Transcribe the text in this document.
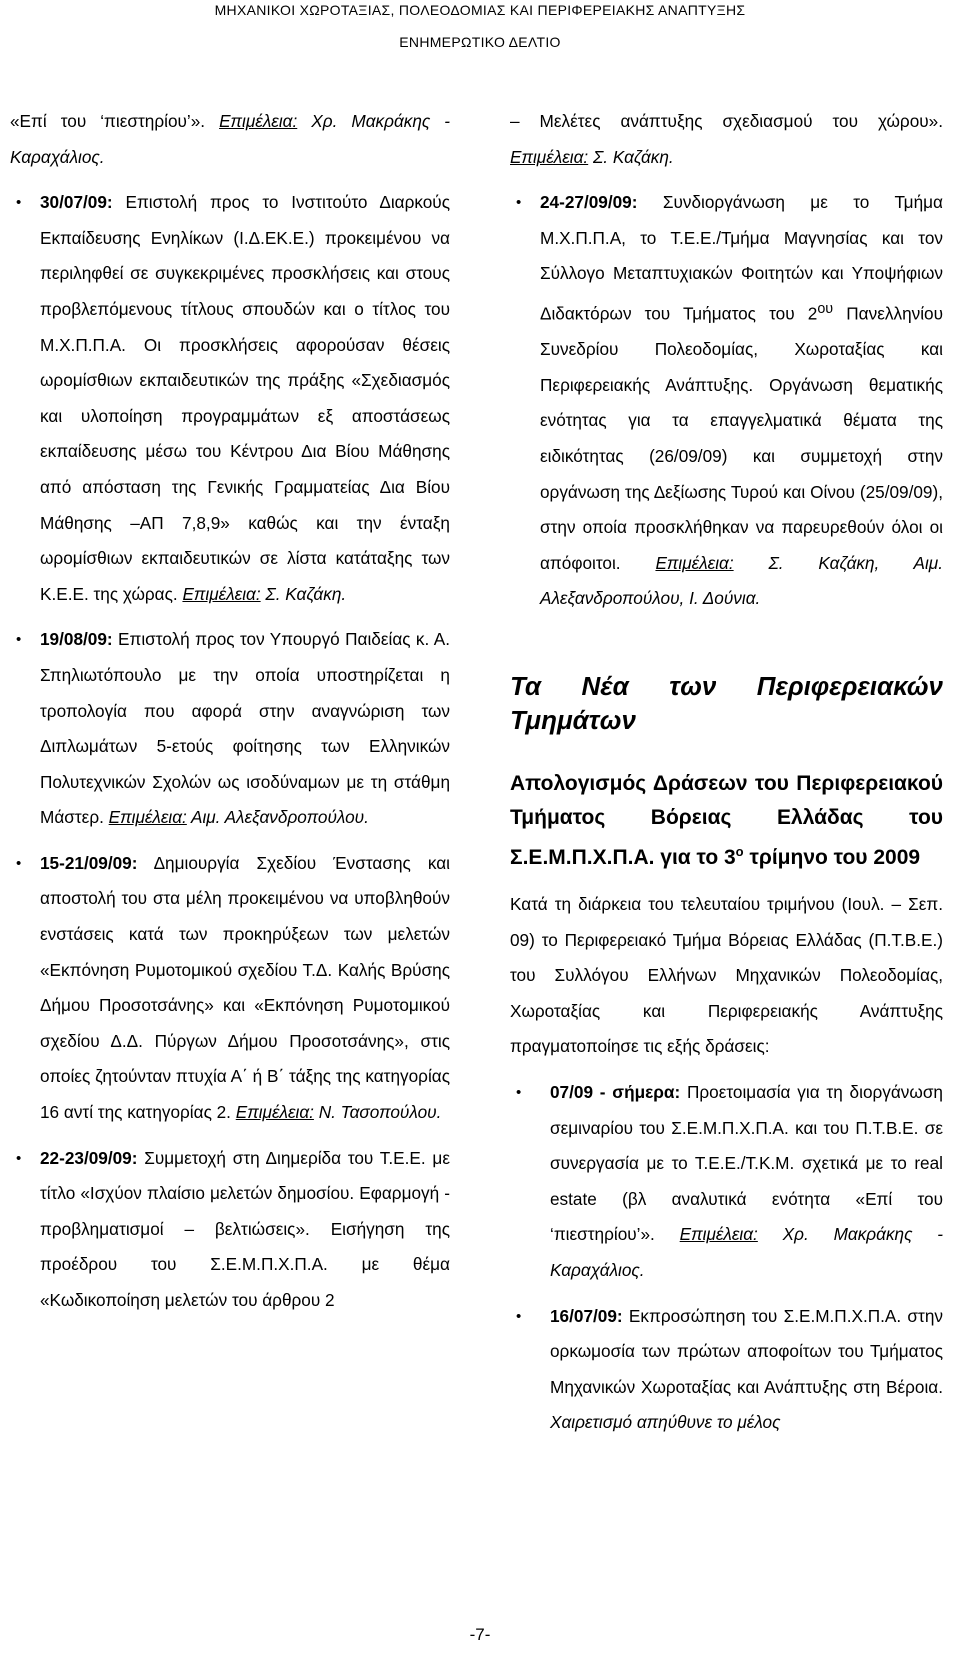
ΜΗΧΑΝΙΚΟΙ ΧΩΡΟΤΑΞΙΑΣ, ΠΟΛΕΟΔΟΜΙΑΣ ΚΑΙ ΠΕΡΙΦΕΡΕΙΑΚΗΣ ΑΝΑΠΤΥΞΗΣ
ΕΝΗΜΕΡΩΤΙΚΟ ΔΕΛΤΙΟ

«Επί του ‘πιεστηρίου’». Επιμέλεια: Χρ. Μακράκης - Καραχάλιος.

• 30/07/09: Επιστολή προς το Ινστιτούτο Διαρκούς Εκπαίδευσης Ενηλίκων (Ι.Δ.ΕΚ.Ε.) προκειμένου να περιληφθεί σε συγκεκριμένες προσκλήσεις και στους προβλεπόμενους τίτλους σπουδών και ο τίτλος του Μ.Χ.Π.Π.Α. Οι προσκλήσεις αφορούσαν θέσεις ωρομίσθιων εκπαιδευτικών της πράξης «Σχεδιασμός και υλοποίηση προγραμμάτων εξ αποστάσεως εκπαίδευσης μέσω του Κέντρου Δια Βίου Μάθησης από απόσταση της Γενικής Γραμματείας Δια Βίου Μάθησης –ΑΠ 7,8,9» καθώς και την ένταξη ωρομίσθιων εκπαιδευτικών σε λίστα κατάταξης των Κ.Ε.Ε. της χώρας. Επιμέλεια: Σ. Καζάκη.
• 19/08/09: Επιστολή προς τον Υπουργό Παιδείας κ. Α. Σπηλιωτόπουλο με την οποία υποστηρίζεται η τροπολογία που αφορά στην αναγνώριση των Διπλωμάτων 5-ετούς φοίτησης των Ελληνικών Πολυτεχνικών Σχολών ως ισοδύναμων με τη στάθμη Μάστερ. Επιμέλεια: Αιμ. Αλεξανδροπούλου.
• 15-21/09/09: Δημιουργία Σχεδίου Ένστασης και αποστολή του στα μέλη προκειμένου να υποβληθούν ενστάσεις κατά των προκηρύξεων των μελετών «Εκπόνηση Ρυμοτομικού σχεδίου Τ.Δ. Καλής Βρύσης Δήμου Προσοτσάνης» και «Εκπόνηση Ρυμοτομικού σχεδίου Δ.Δ. Πύργων Δήμου Προσοτσάνης», στις οποίες ζητούνταν πτυχία Α΄ ή Β΄ τάξης της κατηγορίας 16 αντί της κατηγορίας 2. Επιμέλεια: Ν. Τασοπούλου.
• 22-23/09/09: Συμμετοχή στη Διημερίδα του Τ.Ε.Ε. με τίτλο «Ισχύον πλαίσιο μελετών δημοσίου. Εφαρμογή - προβληματισμοί – βελτιώσεις». Εισήγηση της προέδρου του Σ.Ε.Μ.Π.Χ.Π.Α. με θέμα «Κωδικοποίηση μελετών του άρθρου 2

– Μελέτες ανάπτυξης σχεδιασμού του χώρου». Επιμέλεια: Σ. Καζάκη.

• 24-27/09/09: Συνδιοργάνωση με το Τμήμα Μ.Χ.Π.Π.Α, το Τ.Ε.Ε./Τμήμα Μαγνησίας και τον Σύλλογο Μεταπτυχιακών Φοιτητών και Υποψήφιων Διδακτόρων του Τμήματος του $2^{o\upsilon}$ Πανελληνίου Συνεδρίου Πολεοδομίας, Χωροταξίας και Περιφερειακής Ανάπτυξης. Οργάνωση θεματικής ενότητας για τα επαγγελματικά θέματα της ειδικότητας (26/09/09) και συμμετοχή στην οργάνωση της Δεξίωσης Τυρού και Οίνου (25/09/09), στην οποία προσκλήθηκαν να παρευρεθούν όλοι οι απόφοιτοι. Επιμέλεια: Σ. Καζάκη, Αιμ. Αλεξανδροπούλου, Ι. Δούνια.
Τα Νέα των Περιφερειακών Τμημάτων
Απολογισμός Δράσεων του Περιφερειακού Τμήματος Βόρειας Ελλάδας του Σ.Ε.Μ.Π.Χ.Π.Α. για το $3^o$ τρίμηνο του 2009

Κατά τη διάρκεια του τελευταίου τριμήνου (Ιουλ. – Σεπ. 09) το Περιφερειακό Τμήμα Βόρειας Ελλάδας (Π.Τ.Β.Ε.) του Συλλόγου Ελλήνων Μηχανικών Πολεοδομίας, Χωροταξίας και Περιφερειακής Ανάπτυξης πραγματοποίησε τις εξής δράσεις:

• 07/09 - σήμερα: Προετοιμασία για τη διοργάνωση σεμιναρίου του Σ.Ε.Μ.Π.Χ.Π.Α. και του Π.Τ.Β.Ε. σε συνεργασία με το Τ.Ε.Ε./Τ.Κ.Μ. σχετικά με το real estate (βλ αναλυτικά ενότητα «Επί του ‘πιεστηρίου’». Επιμέλεια: Χρ. Μακράκης - Καραχάλιος.
• 16/07/09: Εκπροσώπηση του Σ.Ε.Μ.Π.Χ.Π.Α. στην ορκωμοσία των πρώτων αποφοίτων του Τμήματος Μηχανικών Χωροταξίας και Ανάπτυξης στη Βέροια. Χαιρετισμό απηύθυνε το μέλος
-7-
